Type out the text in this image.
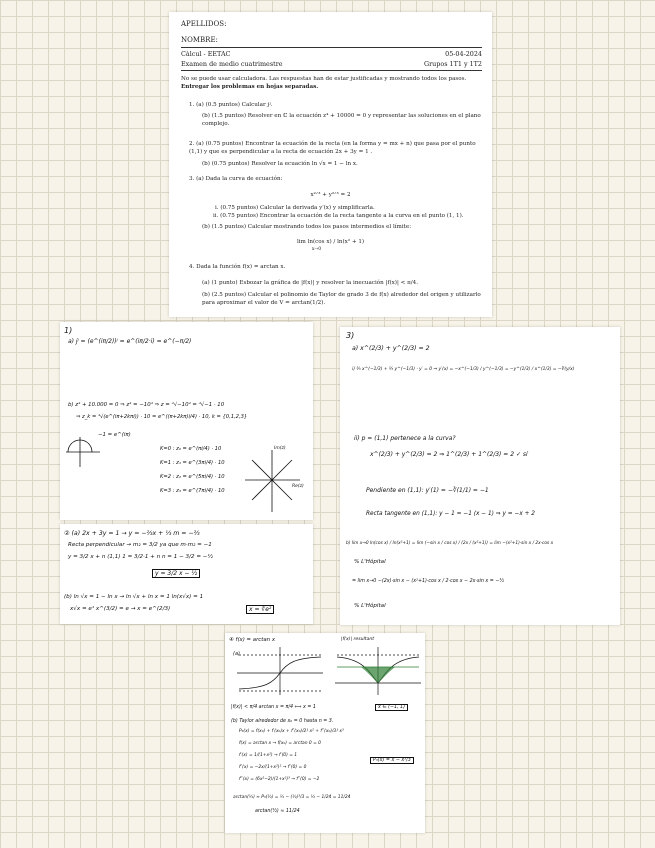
APELLIDOS:
NOMBRE:
Càlcul - EETAC	05-04-2024
Examen de medio cuatrimestre	Grupos 1T1 y 1T2
No se puede usar calculadora. Las respuestas han de estar justificadas y mostrando todos los pasos.
Entregar los problemas en hojas separadas.
1. (a) (0.5 puntos) Calcular jʲ.
(b) (1.5 puntos) Resolver en ℂ la ecuación z⁴ + 10000 = 0 y representar las soluciones en el plano complejo.
2. (a) (0.75 puntos) Encontrar la ecuación de la recta (en la forma y = mx + n) que pasa por el punto (1,1) y que es perpendicular a la recta de ecuación 2x + 3y = 1 .
(b) (0.75 puntos) Resolver la ecuación ln √x = 1 − ln x.
3. (a) Dada la curva de ecuación:
x²ᐟ³ + y²ᐟ³ = 2
i. (0.75 puntos) Calcular la derivada y′(x) y simplificarla.
ii. (0.75 puntos) Encontrar la ecuación de la recta tangente a la curva en el punto (1, 1).
(b) (1.5 puntos) Calcular mostrando todos los pasos intermedios el límite:
lim ln(cos x) / ln(x² + 1)
x→0
4. Dada la función f(x) = arctan x.
(a) (1 punto) Esbozar la gráfica de |f(x)| y resolver la inecuación |f(x)| < π/4.
(b) (2.5 puntos) Calcular el polinomio de Taylor de grado 3 de f(x) alrededor del origen y utilizarlo para aproximar el valor de V = arctan(1/2).
1)
a) jʲ = (e^(iπ/2))ʲ = e^(iπ/2·i) = e^(−π/2)
b) z⁴ + 10.000 = 0 ⇒ z⁴ = −10⁴ ⇒ z = ⁴√−10⁴ = ⁴√−1 · 10
⇒ z_k = ⁴√(e^(iπ+2kπi)) · 10 = e^((π+2kπ)i/4) · 10, k = {0,1,2,3}
−1 = e^(iπ)
K=0 : z₀ = e^(πi/4) · 10
K=1 : z₁ = e^(3πi/4) · 10
K=2 : z₂ = e^(5πi/4) · 10
K=3 : z₃ = e^(7πi/4) · 10
Im(z)
Re(z)
② (a) 2x + 3y = 1 → y = −⅔x + ⅓ m = −⅔
Recta perpendicular → m₂ = 3/2 ya que m·m₂ = −1
y = 3/2 x + n (1,1) 1 = 3/2·1 + n n = 1 − 3/2 = −½
y = 3/2 x − ½
(b) ln √x = 1 − ln x → ln √x + ln x = 1 ln(x√x) = 1
x√x = e¹ x^(3/2) = e → x = e^(2/3)	x = ∛e²
3)
a) x^(2/3) + y^(2/3) = 2
i) ⅔ x^(−1/3) + ⅔ y^(−1/3) · y′ = 0 ⇒ y′(x) = −x^(−1/3) / y^(−1/3) = −y^(1/3) / x^(1/3) = −∛(y/x)
ii) p = (1,1) pertenece a la curva?
x^(2/3) + y^(2/3) = 2 ⇒ 1^(2/3) + 1^(2/3) = 2 ✓ sí
Pendiente en (1,1): y′(1) = −∛(1/1) = −1
Recta tangente en (1,1): y − 1 = −1 (x − 1) ⇒ y = −x + 2
b) lim x→0 ln(cos x) / ln(x²+1) = lim (−sin x / cos x) / (2x / (x²+1)) = lim −(x²+1)·sin x / 2x·cos x
% L'Hôpital
= lim x→0 −(2x)·sin x − (x²+1)·cos x / 2·cos x − 2x·sin x = −½
% L'Hôpital
④ f(x) = arctan x	|f(x)| resultant
(a)
|f(x)| < π/4 arctan x = π/4 ⟺ x = 1	x ∈ (−1, 1)
(b) Taylor alrededor de x₀ = 0 hasta n = 3.
P₃(x) = f(x₀) + f′(x₀)x + f″(x₀)/2! x² + f‴(x₀)/3! x³
f(x) = arctan x → f(x₀) = arctan 0 = 0
f′(x) = 1/(1+x²) → f′(0) = 1
f″(x) = −2x/(1+x²)² → f″(0) = 0
f‴(x) = (6x²−2)/(1+x²)³ → f‴(0) = −2
P₃(x) = x − x³/3
arctan(½) ≈ P₃(½) = ½ − (½)³/3 = ½ − 1/24 = 11/24
arctan(½) ≈ 11/24
